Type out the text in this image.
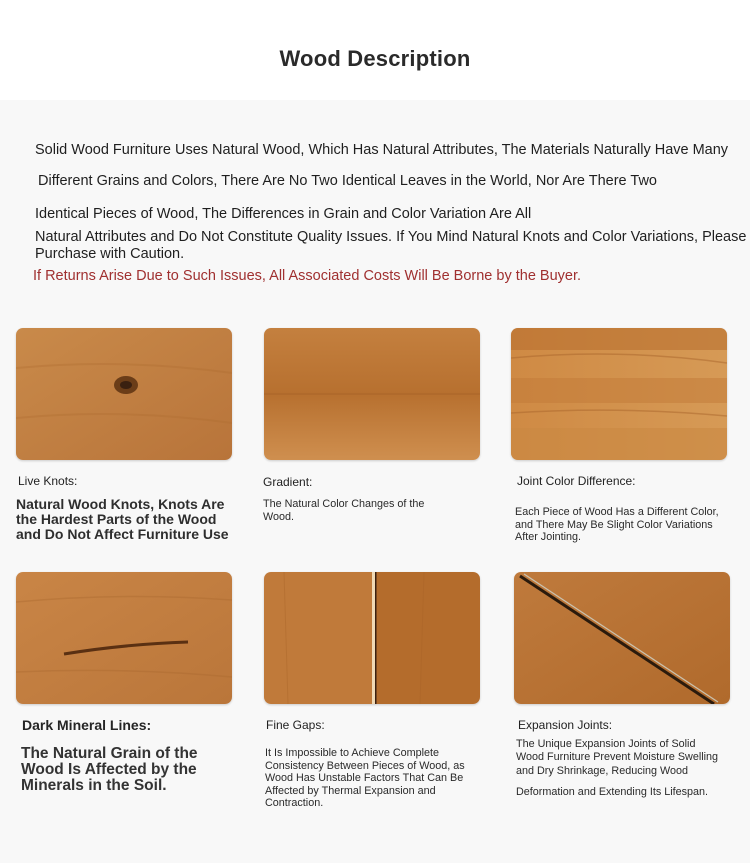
Wood Description
Solid Wood Furniture Uses Natural Wood, Which Has Natural Attributes, The Materials Naturally Have Many
Different Grains and Colors, There Are No Two Identical Leaves in the World, Nor Are There Two
Identical Pieces of Wood, The Differences in Grain and Color Variation Are All
Natural Attributes and Do Not Constitute Quality Issues. If You Mind Natural Knots and Color Variations, Please Purchase with Caution.
If Returns Arise Due to Such Issues, All Associated Costs Will Be Borne by the Buyer.
Live Knots:
Natural Wood Knots, Knots Are the Hardest Parts of the Wood and Do Not Affect Furniture Use
Gradient:
The Natural Color Changes of the Wood.
Joint Color Difference:
Each Piece of Wood Has a Different Color, and There May Be Slight Color Variations After Jointing.
Dark Mineral Lines:
The Natural Grain of the Wood Is Affected by the Minerals in the Soil.
Fine Gaps:
It Is Impossible to Achieve Complete Consistency Between Pieces of Wood, as Wood Has Unstable Factors That Can Be Affected by Thermal Expansion and Contraction.
Expansion Joints:

The Unique Expansion Joints of Solid Wood Furniture Prevent Moisture Swelling

and Dry Shrinkage, Reducing Wood

Deformation and Extending Its Lifespan.
